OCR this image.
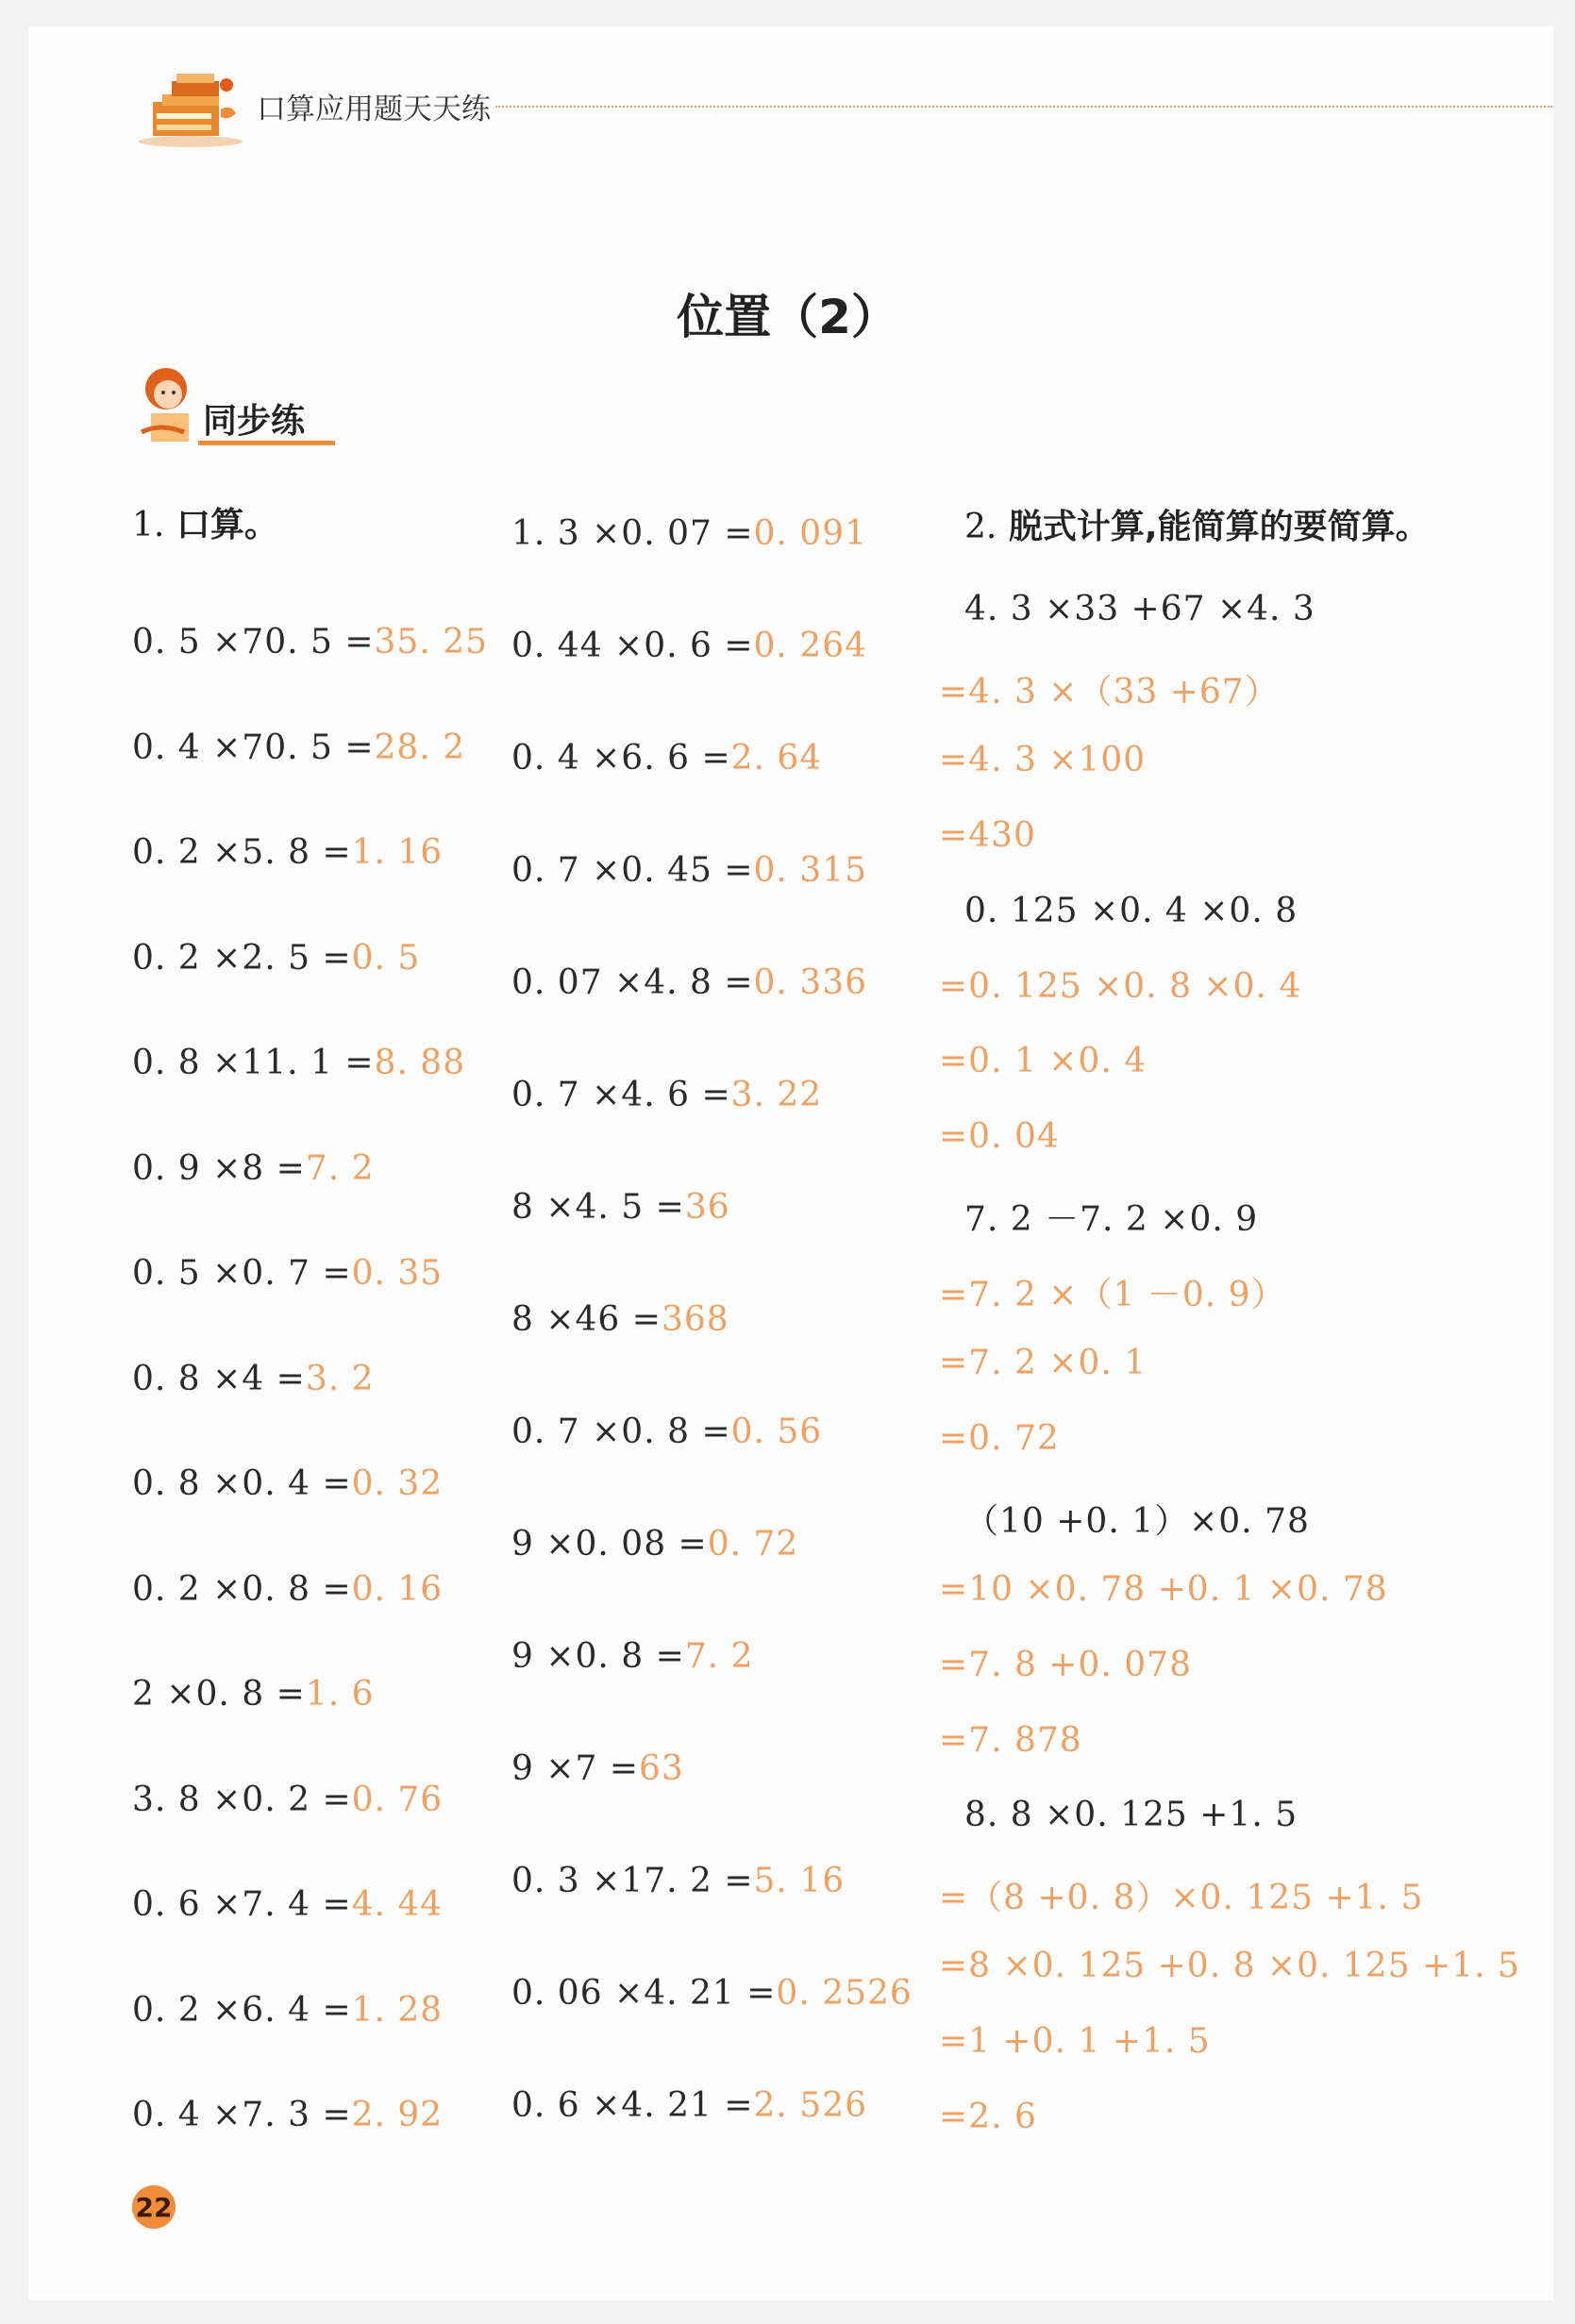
口算应用题天天练
位置（2）
同步练
1. 口算。
0. 5 ×70. 5 =35. 25
0. 4 ×70. 5 =28. 2
0. 2 ×5. 8 =1. 16
0. 2 ×2. 5 =0. 5
0. 8 ×11. 1 =8. 88
0. 9 ×8 =7. 2
0. 5 ×0. 7 =0. 35
0. 8 ×4 =3. 2
0. 8 ×0. 4 =0. 32
0. 2 ×0. 8 =0. 16
2 ×0. 8 =1. 6
3. 8 ×0. 2 =0. 76
0. 6 ×7. 4 =4. 44
0. 2 ×6. 4 =1. 28
0. 4 ×7. 3 =2. 92
1. 3 ×0. 07 =0. 091
0. 44 ×0. 6 =0. 264
0. 4 ×6. 6 =2. 64
0. 7 ×0. 45 =0. 315
0. 07 ×4. 8 =0. 336
0. 7 ×4. 6 =3. 22
8 ×4. 5 =36
8 ×46 =368
0. 7 ×0. 8 =0. 56
9 ×0. 08 =0. 72
9 ×0. 8 =7. 2
9 ×7 =63
0. 3 ×17. 2 =5. 16
0. 06 ×4. 21 =0. 2526
0. 6 ×4. 21 =2. 526
2. 脱式计算,能简算的要简算。
4. 3 ×33 +67 ×4. 3
=4. 3 ×（33 +67）
=4. 3 ×100
=430
0. 125 ×0. 4 ×0. 8
=0. 125 ×0. 8 ×0. 4
=0. 1 ×0. 4
=0. 04
7. 2 －7. 2 ×0. 9
=7. 2 ×（1 －0. 9）
=7. 2 ×0. 1
=0. 72
（10 +0. 1）×0. 78
=10 ×0. 78 +0. 1 ×0. 78
=7. 8 +0. 078
=7. 878
8. 8 ×0. 125 +1. 5
=（8 +0. 8）×0. 125 +1. 5
=8 ×0. 125 +0. 8 ×0. 125 +1. 5
=1 +0. 1 +1. 5
=2. 6
22
